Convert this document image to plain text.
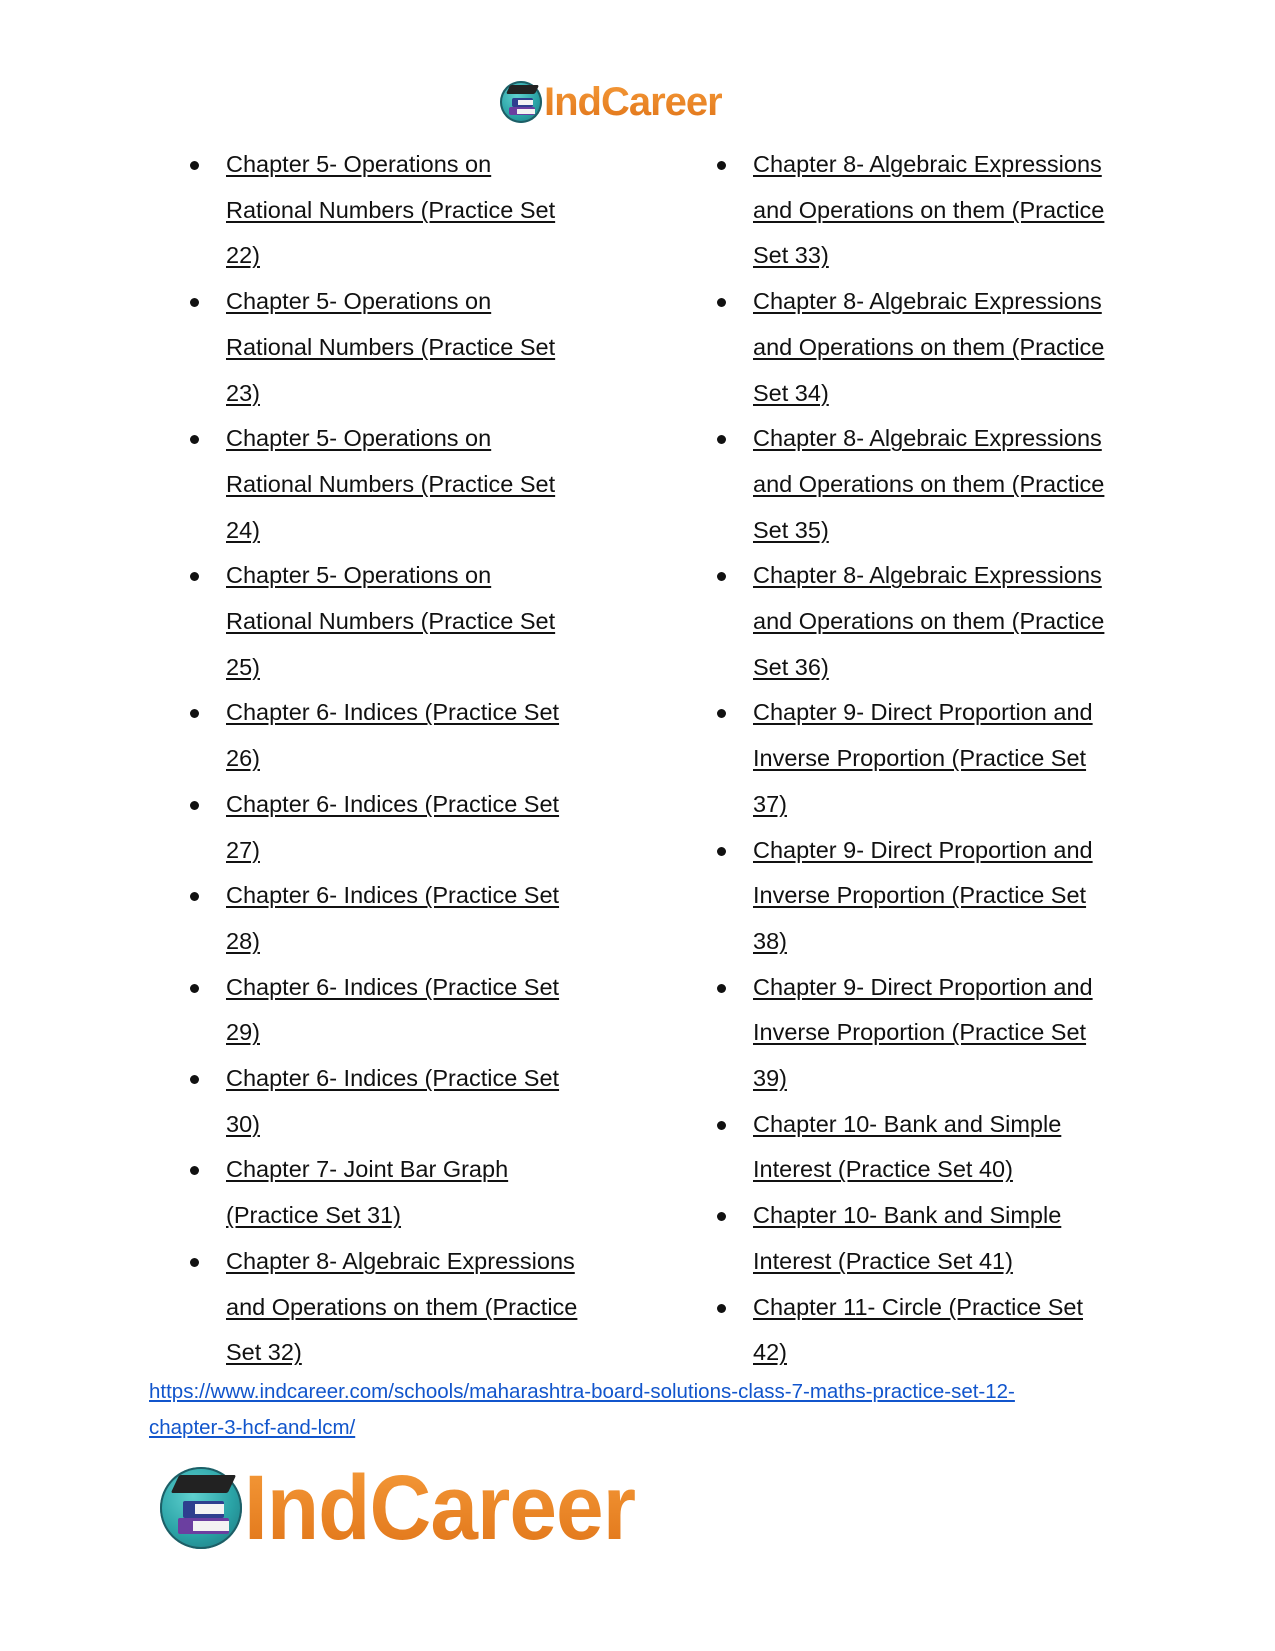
IndCareer
Chapter 5- Operations on
Rational Numbers (Practice Set
22)
Chapter 5- Operations on
Rational Numbers (Practice Set
23)
Chapter 5- Operations on
Rational Numbers (Practice Set
24)
Chapter 5- Operations on
Rational Numbers (Practice Set
25)
Chapter 6- Indices (Practice Set
26)
Chapter 6- Indices (Practice Set
27)
Chapter 6- Indices (Practice Set
28)
Chapter 6- Indices (Practice Set
29)
Chapter 6- Indices (Practice Set
30)
Chapter 7- Joint Bar Graph
(Practice Set 31)
Chapter 8- Algebraic Expressions
and Operations on them (Practice
Set 32)
Chapter 8- Algebraic Expressions
and Operations on them (Practice
Set 33)
Chapter 8- Algebraic Expressions
and Operations on them (Practice
Set 34)
Chapter 8- Algebraic Expressions
and Operations on them (Practice
Set 35)
Chapter 8- Algebraic Expressions
and Operations on them (Practice
Set 36)
Chapter 9- Direct Proportion and
Inverse Proportion (Practice Set
37)
Chapter 9- Direct Proportion and
Inverse Proportion (Practice Set
38)
Chapter 9- Direct Proportion and
Inverse Proportion (Practice Set
39)
Chapter 10- Bank and Simple
Interest (Practice Set 40)
Chapter 10- Bank and Simple
Interest (Practice Set 41)
Chapter 11- Circle (Practice Set
42)
https://www.indcareer.com/schools/maharashtra-board-solutions-class-7-maths-practice-set-12-
chapter-3-hcf-and-lcm/
IndCareer
